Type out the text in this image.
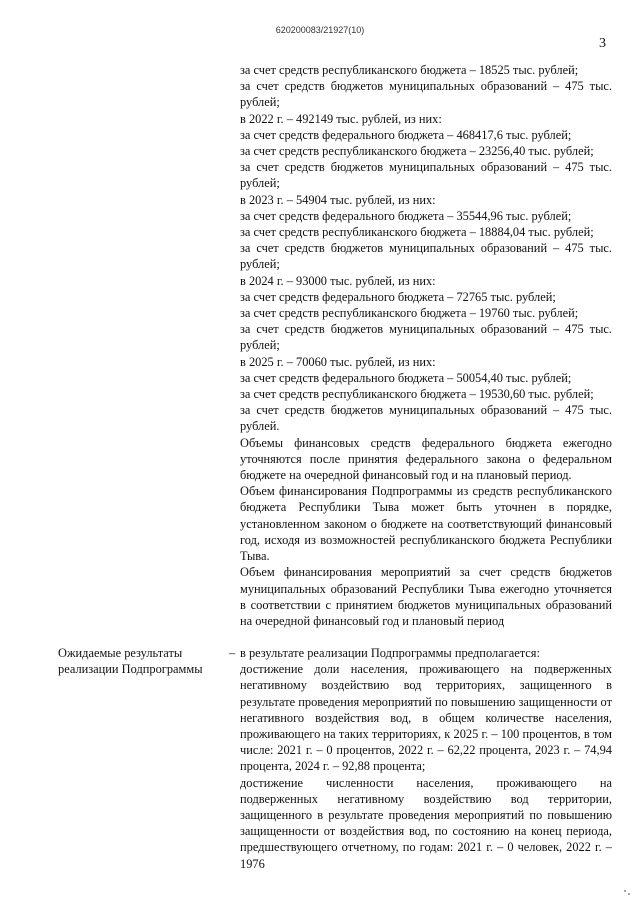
620200083/21927(10)
3

за счет средств республиканского бюджета – 18525 тыс. рублей;

за счет средств бюджетов муниципальных образований – 475 тыс. рублей;

в 2022 г. – 492149 тыс. рублей, из них:

за счет средств федерального бюджета – 468417,6 тыс. рублей;

за счет средств республиканского бюджета – 23256,40 тыс. рублей;

за счет средств бюджетов муниципальных образований – 475 тыс. рублей;

в 2023 г. – 54904 тыс. рублей, из них:

за счет средств федерального бюджета – 35544,96 тыс. рублей;

за счет средств республиканского бюджета – 18884,04 тыс. рублей;

за счет средств бюджетов муниципальных образований – 475 тыс. рублей;

в 2024 г. – 93000 тыс. рублей, из них:

за счет средств федерального бюджета – 72765 тыс. рублей;

за счет средств республиканского бюджета – 19760 тыс. рублей;

за счет средств бюджетов муниципальных образований – 475 тыс. рублей;

в 2025 г. – 70060 тыс. рублей, из них:

за счет средств федерального бюджета – 50054,40 тыс. рублей;

за счет средств республиканского бюджета – 19530,60 тыс. рублей;

за счет средств бюджетов муниципальных образований – 475 тыс. рублей.

Объемы финансовых средств федерального бюджета ежегодно уточняются после принятия федерального закона о федеральном бюджете на очередной финансовый год и на плановый период.

Объем финансирования Подпрограммы из средств республиканского бюджета Республики Тыва может быть уточнен в порядке, установленном законом о бюджете на соответствующий финансовый год, исходя из возможностей республиканского бюджета Республики Тыва.

Объем финансирования мероприятий за счет средств бюджетов муниципальных образований Республики Тыва ежегодно уточняется в соответствии с принятием бюджетов муниципальных образований на очередной финансовый год и плановый период

Ожидаемые результаты реализации Подпрограммы
– в результате реализации Подпрограммы предполагается:

достижение доли населения, проживающего на подверженных негативному воздействию вод территориях, защищенного в результате проведения мероприятий по повышению защищенности от негативного воздействия вод, в общем количестве населения, проживающего на таких территориях, к 2025 г. – 100 процентов, в том числе: 2021 г. – 0 процентов, 2022 г. – 62,22 процента, 2023 г. – 74,94 процента, 2024 г. – 92,88 процента;

достижение численности населения, проживающего на подверженных негативному воздействию вод территории, защищенного в результате проведения мероприятий по повышению защищенности от воздействия вод, по состоянию на конец периода, предшествующего отчетному, по годам: 2021 г. – 0 человек, 2022 г. – 1976
